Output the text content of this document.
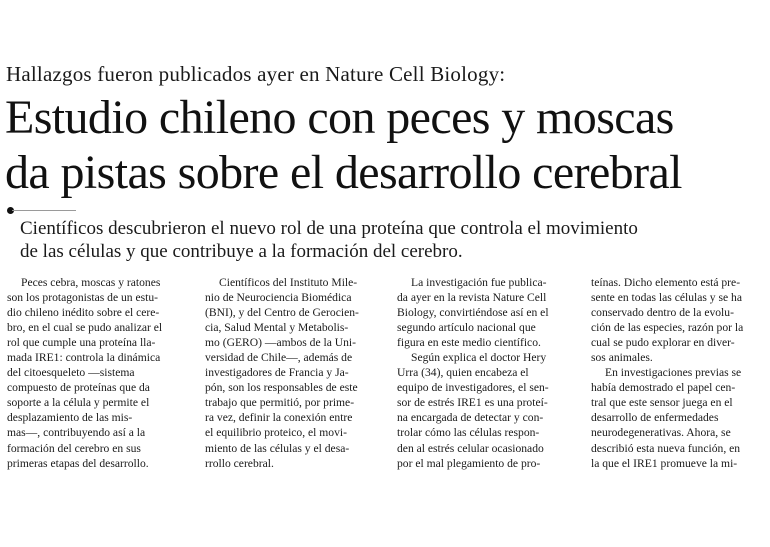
Hallazgos fueron publicados ayer en Nature Cell Biology:
Estudio chileno con peces y moscas
da pistas sobre el desarrollo cerebral
Científicos descubrieron el nuevo rol de una proteína que controla el movimiento
de las células y que contribuye a la formación del cerebro.
Peces cebra, moscas y ratones
son los protagonistas de un estu-
dio chileno inédito sobre el cere-
bro, en el cual se pudo analizar el
rol que cumple una proteína lla-
mada IRE1: controla la dinámica
del citoesqueleto —sistema
compuesto de proteínas que da
soporte a la célula y permite el
desplazamiento de las mis-
mas—, contribuyendo así a la
formación del cerebro en sus
primeras etapas del desarrollo.
Científicos del Instituto Mile-
nio de Neurociencia Biomédica
(BNI), y del Centro de Gerocien-
cia, Salud Mental y Metabolis-
mo (GERO) —ambos de la Uni-
versidad de Chile—, además de
investigadores de Francia y Ja-
pón, son los responsables de este
trabajo que permitió, por prime-
ra vez, definir la conexión entre
el equilibrio proteico, el movi-
miento de las células y el desa-
rrollo cerebral.
La investigación fue publica-
da ayer en la revista Nature Cell
Biology, convirtiéndose así en el
segundo artículo nacional que
figura en este medio científico.
Según explica el doctor Hery
Urra (34), quien encabeza el
equipo de investigadores, el sen-
sor de estrés IRE1 es una proteí-
na encargada de detectar y con-
trolar cómo las células respon-
den al estrés celular ocasionado
por el mal plegamiento de pro-
teínas. Dicho elemento está pre-
sente en todas las células y se ha
conservado dentro de la evolu-
ción de las especies, razón por la
cual se pudo explorar en diver-
sos animales.
En investigaciones previas se
había demostrado el papel cen-
tral que este sensor juega en el
desarrollo de enfermedades
neurodegenerativas. Ahora, se
describió esta nueva función, en
la que el IRE1 promueve la mi-
